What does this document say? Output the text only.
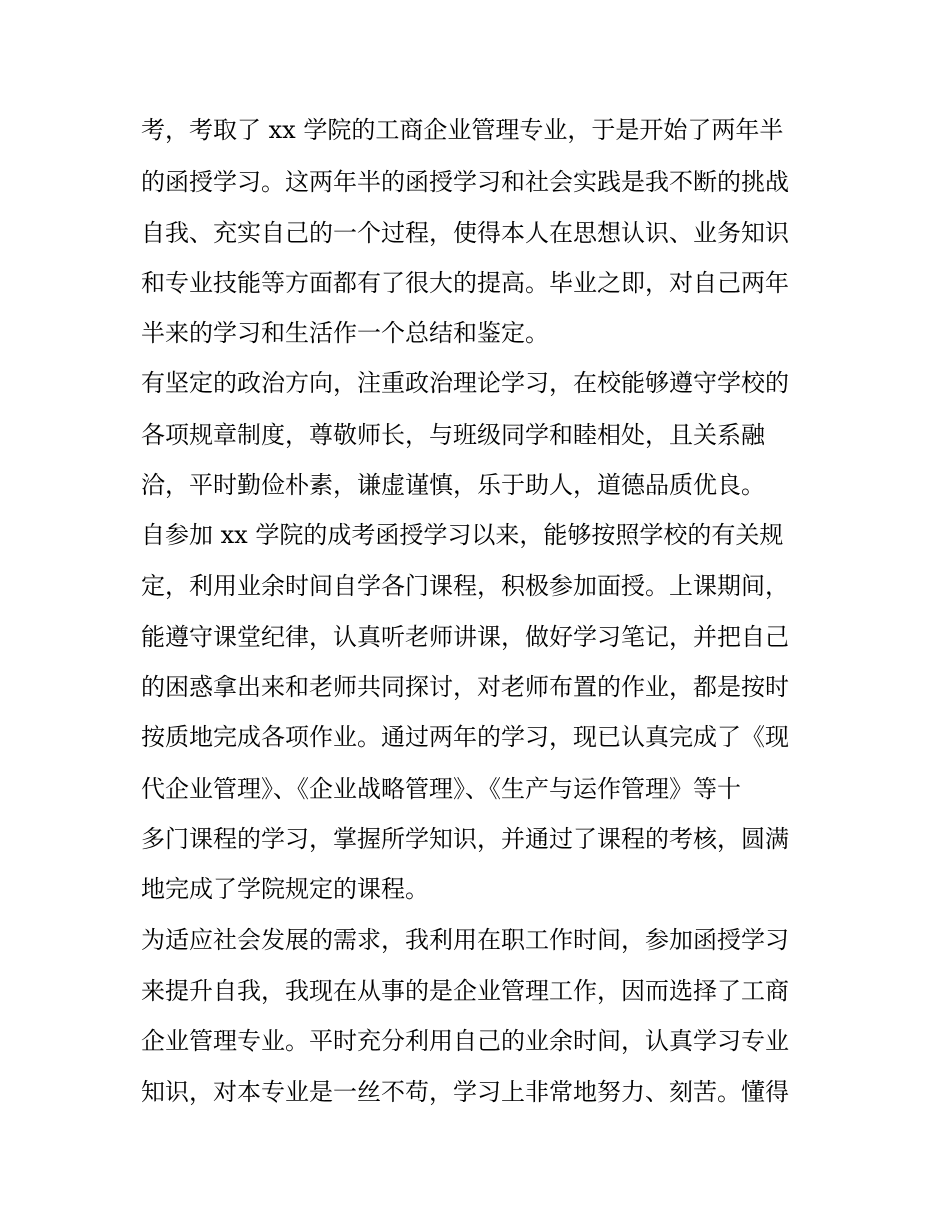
考，考取了 xx 学院的工商企业管理专业，于是开始了两年半
的函授学习。这两年半的函授学习和社会实践是我不断的挑战
自我、充实自己的一个过程，使得本人在思想认识、业务知识
和专业技能等方面都有了很大的提高。毕业之即，对自己两年
半来的学习和生活作一个总结和鉴定。
有坚定的政治方向，注重政治理论学习，在校能够遵守学校的
各项规章制度，尊敬师长，与班级同学和睦相处，且关系融
洽，平时勤俭朴素，谦虚谨慎，乐于助人，道德品质优良。
自参加 xx 学院的成考函授学习以来，能够按照学校的有关规
定，利用业余时间自学各门课程，积极参加面授。上课期间，
能遵守课堂纪律，认真听老师讲课，做好学习笔记，并把自己
的困惑拿出来和老师共同探讨，对老师布置的作业，都是按时
按质地完成各项作业。通过两年的学习，现已认真完成了《现
代企业管理》、《企业战略管理》、《生产与运作管理》等十
多门课程的学习，掌握所学知识，并通过了课程的考核，圆满
地完成了学院规定的课程。
为适应社会发展的需求，我利用在职工作时间，参加函授学习
来提升自我，我现在从事的是企业管理工作，因而选择了工商
企业管理专业。平时充分利用自己的业余时间，认真学习专业
知识，对本专业是一丝不苟，学习上非常地努力、刻苦。懂得
